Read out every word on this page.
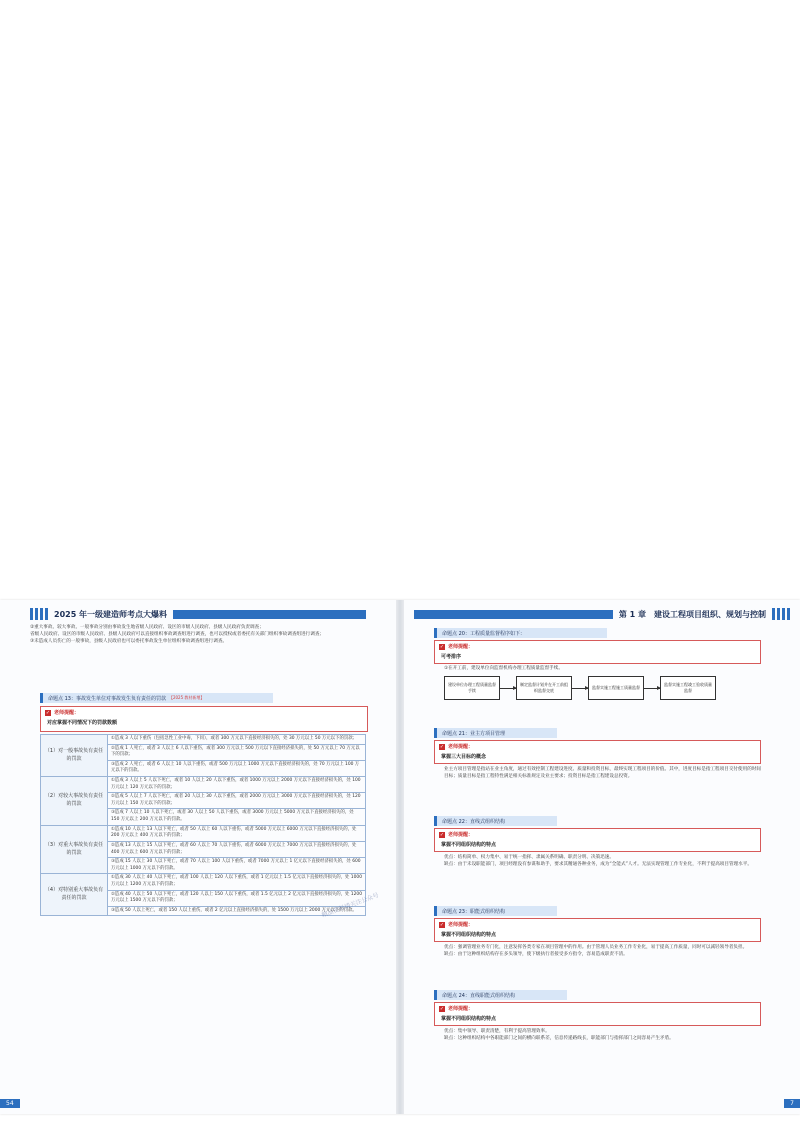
2025 年一级建造师考点大爆料
②重大事故、较大事故、一般事故分别由事故发生地省级人民政府、设区的市级人民政府、县级人民政府负责调查；
省级人民政府、设区的市级人民政府、县级人民政府可以直接组织事故调查组进行调查，也可以授权或者委托有关部门组织事故调查组进行调查；
③未造成人员伤亡的一般事故，县级人民政府也可以委托事故发生单位组织事故调查组进行调查。
命题点 13：事故发生单位对事故发生负有责任的罚款 【2025 教材新增】
✓ 老师提醒：
对应掌握不同情况下的罚款数额
（1）对一般事故负有责任的罚款	①造成 3 人以下重伤（包括急性工业中毒，下同），或者 300 万元以下直接经济损失的，处 30 万元以上 50 万元以下的罚款；
	②造成 1 人死亡，或者 3 人以上 6 人以下重伤，或者 300 万元以上 500 万元以下直接经济损失的，处 50 万元以上 70 万元以下的罚款；
	③造成 2 人死亡，或者 6 人以上 10 人以下重伤，或者 500 万元以上 1000 万元以下直接经济损失的，处 70 万元以上 100 万元以下的罚款。
（2）对较大事故负有责任的罚款	①造成 3 人以上 5 人以下死亡，或者 10 人以上 20 人以下重伤，或者 1000 万元以上 2000 万元以下直接经济损失的，处 100 万元以上 120 万元以下的罚款；
	②造成 5 人以上 7 人以下死亡，或者 20 人以上 30 人以下重伤，或者 2000 万元以上 3000 万元以下直接经济损失的，处 120 万元以上 150 万元以下的罚款；
	③造成 7 人以上 10 人以下死亡，或者 30 人以上 50 人以下重伤，或者 3000 万元以上 5000 万元以下直接经济损失的，处 150 万元以上 200 万元以下的罚款。
（3）对重大事故负有责任的罚款	①造成 10 人以上 13 人以下死亡，或者 50 人以上 60 人以下重伤，或者 5000 万元以上 6000 万元以下直接经济损失的，处 200 万元以上 400 万元以下的罚款；
	②造成 13 人以上 15 人以下死亡，或者 60 人以上 70 人以下重伤，或者 6000 万元以上 7000 万元以下直接经济损失的，处 400 万元以上 600 万元以下的罚款；
	③造成 15 人以上 30 人以下死亡，或者 70 人以上 100 人以下重伤，或者 7000 万元以上 1 亿元以下直接经济损失的，处 600 万元以上 1000 万元以下的罚款。
（4）对特别重大事故负有责任的罚款	①造成 30 人以上 40 人以下死亡，或者 100 人以上 120 人以下重伤，或者 1 亿元以上 1.5 亿元以下直接经济损失的，处 1000 万元以上 1200 万元以下的罚款；
	②造成 40 人以上 50 人以下死亡，或者 120 人以上 150 人以下重伤，或者 1.5 亿元以上 2 亿元以下直接经济损失的，处 1200 万元以上 1500 万元以下的罚款；
	③造成 50 人以上死亡，或者 150 人以上重伤，或者 2 亿元以上直接经济损失的，处 1500 万元以上 2000 万元以下的罚款。
54
第 1 章　建设工程项目组织、规划与控制
命题点 20：工程质量监督程序如下：
✓ 老师提醒：
可考排序
①在开工前，建设单位向监督机构办理工程质量监督手续。
建设单位办理工程质量监督手续
制定监督计划并在开工前组织监督交底
监督实施工程施工质量监督
监督实施工程竣工验收质量监督
命题点 21：业主方项目管理
✓ 老师提醒：
掌握三大目标的概念
业主方项目管理是指站在业主角度，通过有效控制工程建设进度、质量和投资目标，最终实现工程项目的价值。其中，进度目标是指工程项目交付使用的时间目标；质量目标是指工程特性满足相关标准规定及业主要求；投资目标是指工程建设总投资。
命题点 22：直线式组织结构
✓ 老师提醒：
掌握不同组织结构的特点
优点：结构简单、权力集中、易于统一指挥、隶属关系明确、职责分明、决策迅速。
缺点：由于未设职能部门，项目经理没有参谋和助手，要求其精通各种业务，成为“全能式”人才。无法实现管理工作专业化，不利于提高项目管理水平。
命题点 23：职能式组织结构
✓ 老师提醒：
掌握不同组织结构的特点
优点：强调管理业务专门化，注意发挥各类专家在项目管理中的作用。由于管理人员业务工作专业化，易于提高工作质量，同时可以减轻领导者负担。
缺点：由于这种组织结构存在多头领导，使下级执行者接受多方指令，容易造成职责不清。
命题点 24：直线职能式组织结构
✓ 老师提醒：
掌握不同组织结构的特点
优点：集中领导、职责清楚，有利于提高管理效率。
缺点：这种组织结构中各职能部门之间的横向联系差，信息传递路线长，职能部门与指挥部门之间容易产生矛盾。
7
精品资料请关注公众号
